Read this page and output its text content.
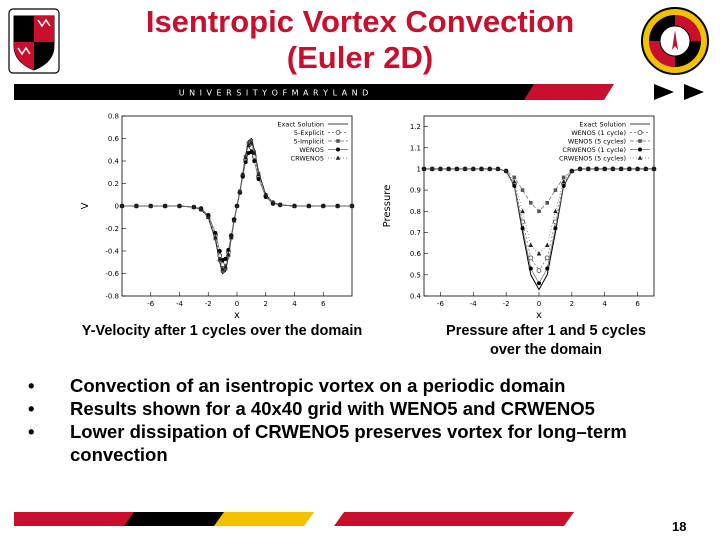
Isentropic Vortex Convection
(Euler 2D)
U N I V E R S I T Y O F M A R Y L A N D
-6	-4	-2	0	2	4	6
-0.8
-0.6
-0.4
-0.2
0
0.2
0.4
0.6
0.8
x
V
Exact Solution
5-Explicit
5-Implicit
WENO5
CRWENO5
-6	-4	-2	0	2	4	6
0.4
0.5
0.6
0.7
0.8
0.9
1
1.1
1.2
x
Pressure
Exact Solution
WENO5 (1 cycle)
WENO5 (5 cycles)
CRWENO5 (1 cycle)
CRWENO5 (5 cycles)
Y-Velocity after 1 cycles over the domain	Pressure after 1 and 5 cycles
over the domain
• Convection of an isentropic vortex on a periodic domain
• Results shown for a 40x40 grid with WENO5 and CRWENO5
• Lower dissipation of CRWENO5 preserves vortex for long–term convection
18
